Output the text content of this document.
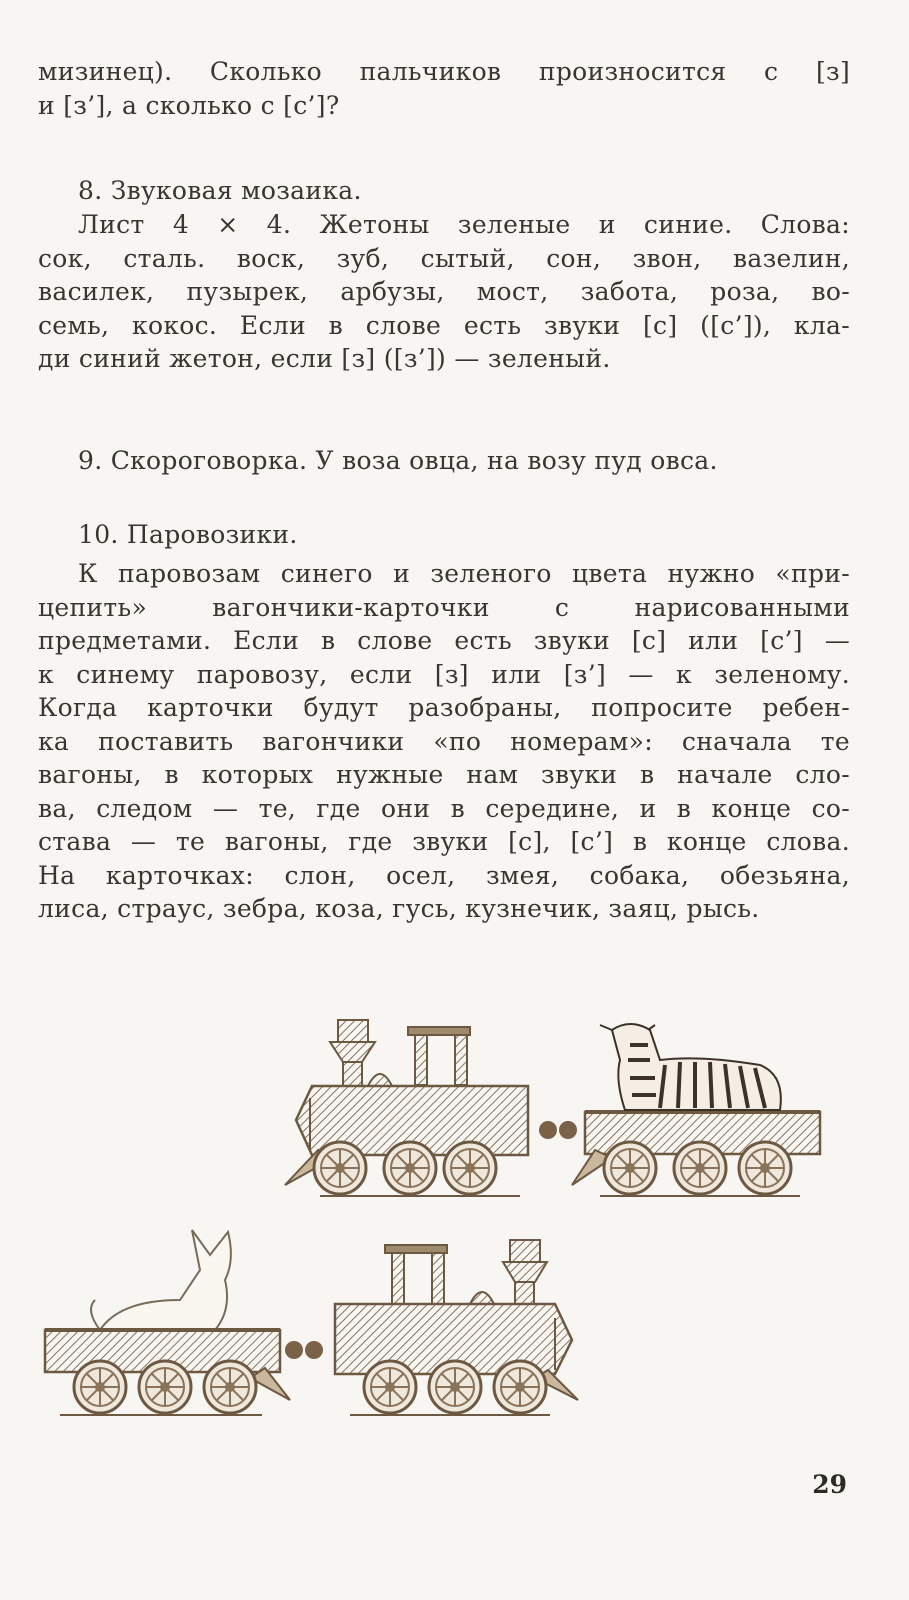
мизинец). Сколько пальчиков произносится с [з]
и [з’], а сколько с [с’]?
8. Звуковая мозаика.
Лист 4 × 4. Жетоны зеленые и синие. Слова:
сок, сталь. воск, зуб, сытый, сон, звон, вазелин,
василек, пузырек, арбузы, мост, забота, роза, во-
семь, кокос. Если в слове есть звуки [с] ([с’]), кла-
ди синий жетон, если [з] ([з’]) — зеленый.
9. Скороговорка. У воза овца, на возу пуд овса.
10. Паровозики.
К паровозам синего и зеленого цвета нужно «при-
цепить» вагончики-карточки с нарисованными
предметами. Если в слове есть звуки [с] или [с’] —
к синему паровозу, если [з] или [з’] — к зеленому.
Когда карточки будут разобраны, попросите ребен-
ка поставить вагончики «по номерам»: сначала те
вагоны, в которых нужные нам звуки в начале сло-
ва, следом — те, где они в середине, и в конце со-
става — те вагоны, где звуки [с], [с’] в конце слова.
На карточках: слон, осел, змея, собака, обезьяна,
лиса, страус, зебра, коза, гусь, кузнечик, заяц, рысь.
29
